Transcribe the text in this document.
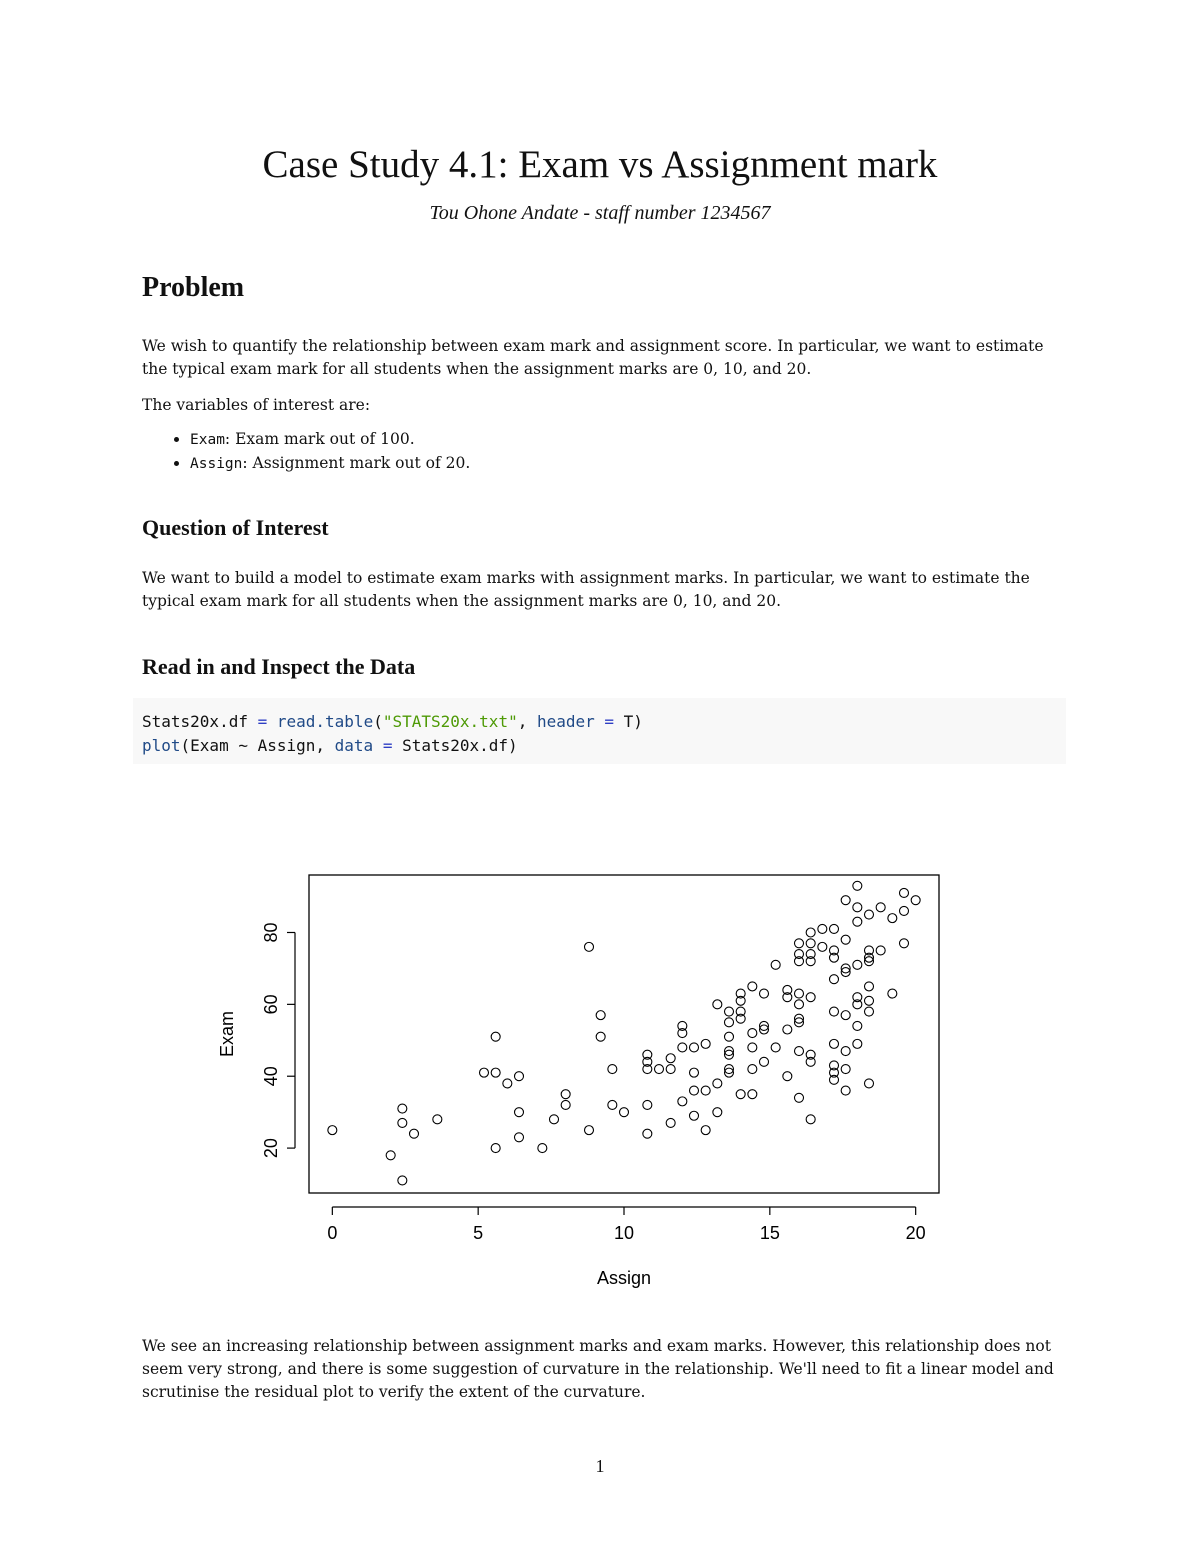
Case Study 4.1: Exam vs Assignment mark

Tou Ohone Andate - staff number 1234567

Problem

We wish to quantify the relationship between exam mark and assignment score. In particular, we want to estimate the typical exam mark for all students when the assignment marks are 0, 10, and 20.

The variables of interest are:

• Exam: Exam mark out of 100.
• Assign: Assignment mark out of 20.
Question of Interest

We want to build a model to estimate exam marks with assignment marks. In particular, we want to estimate the typical exam mark for all students when the assignment marks are 0, 10, and 20.

Read in and Inspect the Data
Stats20x.df = read.table("STATS20x.txt", header = T)
plot(Exam ~ Assign, data = Stats20x.df)
0	5	10	15	20
20
40
60
80
Assign
Exam

We see an increasing relationship between assignment marks and exam marks. However, this relationship does not seem very strong, and there is some suggestion of curvature in the relationship. We'll need to fit a linear model and scrutinise the residual plot to verify the extent of the curvature.

1
